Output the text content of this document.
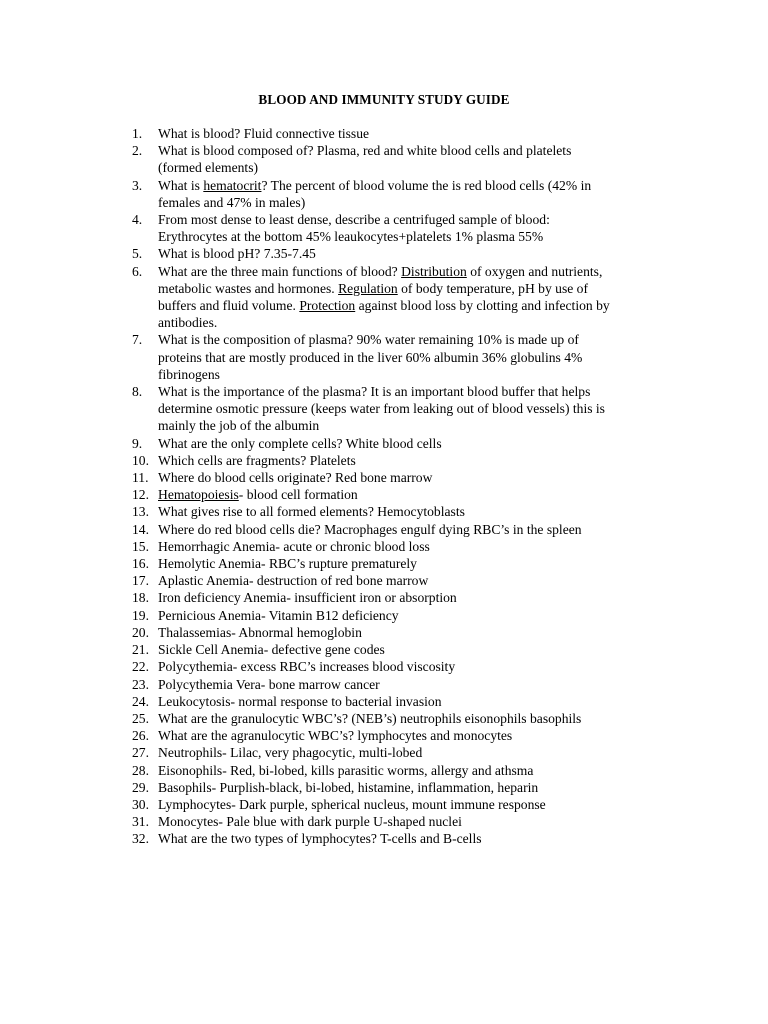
BLOOD AND IMMUNITY STUDY GUIDE
1.	What is blood? Fluid connective tissue
2.	What is blood composed of? Plasma, red and white blood cells and platelets
(formed elements)
3.	What is hematocrit? The percent of blood volume the is red blood cells (42% in
females and 47% in males)
4.	From most dense to least dense, describe a centrifuged sample of blood:
Erythrocytes at the bottom 45% leaukocytes+platelets 1% plasma 55%
5.	What is blood pH? 7.35-7.45
6.	What are the three main functions of blood? Distribution of oxygen and nutrients,
metabolic wastes and hormones. Regulation of body temperature, pH by use of
buffers and fluid volume. Protection against blood loss by clotting and infection by
antibodies.
7.	What is the composition of plasma? 90% water remaining 10% is made up of
proteins that are mostly produced in the liver 60% albumin 36% globulins 4%
fibrinogens
8.	What is the importance of the plasma? It is an important blood buffer that helps
determine osmotic pressure (keeps water from leaking out of blood vessels) this is
mainly the job of the albumin
9.	What are the only complete cells? White blood cells
10. Which cells are fragments? Platelets
11. Where do blood cells originate? Red bone marrow
12. Hematopoiesis- blood cell formation
13. What gives rise to all formed elements? Hemocytoblasts
14. Where do red blood cells die? Macrophages engulf dying RBC’s in the spleen
15. Hemorrhagic Anemia- acute or chronic blood loss
16. Hemolytic Anemia- RBC’s rupture prematurely
17. Aplastic Anemia- destruction of red bone marrow
18. Iron deficiency Anemia- insufficient iron or absorption
19. Pernicious Anemia- Vitamin B12 deficiency
20. Thalassemias- Abnormal hemoglobin
21. Sickle Cell Anemia- defective gene codes
22. Polycythemia- excess RBC’s increases blood viscosity
23. Polycythemia Vera- bone marrow cancer
24. Leukocytosis- normal response to bacterial invasion
25. What are the granulocytic WBC’s? (NEB’s) neutrophils eisonophils basophils
26. What are the agranulocytic WBC’s? lymphocytes and monocytes
27. Neutrophils- Lilac, very phagocytic, multi-lobed
28. Eisonophils- Red, bi-lobed, kills parasitic worms, allergy and athsma
29. Basophils- Purplish-black, bi-lobed, histamine, inflammation, heparin
30. Lymphocytes- Dark purple, spherical nucleus, mount immune response
31. Monocytes- Pale blue with dark purple U-shaped nuclei
32. What are the two types of lymphocytes? T-cells and B-cells
